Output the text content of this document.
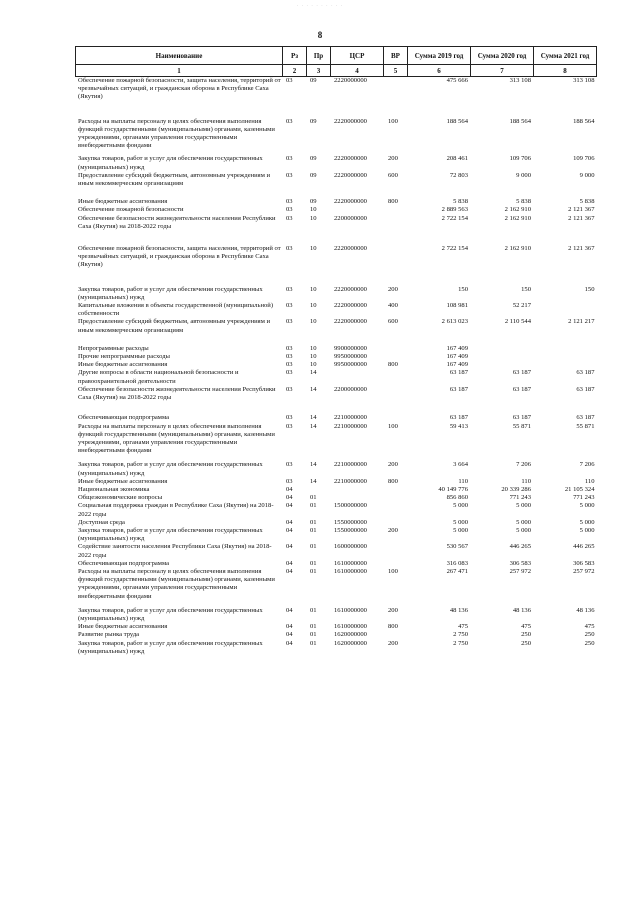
· · · · · · · · · ·
8
Наименование	Рз	Пр	ЦСР	ВР	Сумма 2019 год	Сумма 2020 год	Сумма 2021 год
1	2	3	4	5	6	7	8
Обеспечение пожарной безопасности, защита населения, территорий от чрезвычайных ситуаций, и гражданская оборона в Республике Саха (Якутия)	03	09	2220000000		475 666	313 108	313 108
Расходы на выплаты персоналу в целях обеспечения выполнения функций государственными (муниципальными) органами, казенными учреждениями, органами управления государственными внебюджетными фондами	03	09	2220000000	100	188 564	188 564	188 564
Закупка товаров, работ и услуг для обеспечения государственных (муниципальных) нужд	03	09	2220000000	200	208 461	109 706	109 706
Предоставление субсидий бюджетным, автономным учреждениям и иным некоммерческим организациям	03	09	2220000000	600	72 803	9 000	9 000
Иные бюджетные ассигнования	03	09	2220000000	800	5 838	5 838	5 838
Обеспечение пожарной безопасности	03	10			2 889 563	2 162 910	2 121 367
Обеспечение безопасности жизнедеятельности населения Республики Саха (Якутия) на 2018-2022 годы	03	10	2200000000		2 722 154	2 162 910	2 121 367
Обеспечение пожарной безопасности, защита населения, территорий от чрезвычайных ситуаций, и гражданская оборона в Республике Саха (Якутия)	03	10	2220000000		2 722 154	2 162 910	2 121 367
Закупка товаров, работ и услуг для обеспечения государственных (муниципальных) нужд	03	10	2220000000	200	150	150	150
Капитальные вложения в объекты государственной (муниципальной) собственности	03	10	2220000000	400	108 981	52 217	
Предоставление субсидий бюджетным, автономным учреждениям и иным некоммерческим организациям	03	10	2220000000	600	2 613 023	2 110 544	2 121 217
Непрограммные расходы	03	10	9900000000		167 409		
Прочие непрограммные расходы	03	10	9950000000		167 409		
Иные бюджетные ассигнования	03	10	9950000000	800	167 409		
Другие вопросы в области национальной безопасности и правоохранительной деятельности	03	14			63 187	63 187	63 187
Обеспечение безопасности жизнедеятельности населения Республики Саха (Якутия) на 2018-2022 годы	03	14	2200000000		63 187	63 187	63 187
Обеспечивающая подпрограмма	03	14	2210000000		63 187	63 187	63 187
Расходы на выплаты персоналу в целях обеспечения выполнения функций государственными (муниципальными) органами, казенными учреждениями, органами управления государственными внебюджетными фондами	03	14	2210000000	100	59 413	55 871	55 871
Закупка товаров, работ и услуг для обеспечения государственных (муниципальных) нужд	03	14	2210000000	200	3 664	7 206	7 206
Иные бюджетные ассигнования	03	14	2210000000	800	110	110	110
Национальная экономика	04				40 149 776	20 339 286	21 105 324
Общеэкономические вопросы	04	01			856 860	771 243	771 243
Социальная поддержка граждан в Республике Саха (Якутия) на 2018-2022 годы	04	01	1500000000		5 000	5 000	5 000
Доступная среда	04	01	1550000000		5 000	5 000	5 000
Закупка товаров, работ и услуг для обеспечения государственных (муниципальных) нужд	04	01	1550000000	200	5 000	5 000	5 000
Содействие занятости населения Республики Саха (Якутия) на 2018-2022 годы	04	01	1600000000		530 567	446 265	446 265
Обеспечивающая подпрограмма	04	01	1610000000		316 083	306 583	306 583
Расходы на выплаты персоналу в целях обеспечения выполнения функций государственными (муниципальными) органами, казенными учреждениями, органами управления государственными внебюджетными фондами	04	01	1610000000	100	267 471	257 972	257 972
Закупка товаров, работ и услуг для обеспечения государственных (муниципальных) нужд	04	01	1610000000	200	48 136	48 136	48 136
Иные бюджетные ассигнования	04	01	1610000000	800	475	475	475
Развитие рынка труда	04	01	1620000000		2 750	250	250
Закупка товаров, работ и услуг для обеспечения государственных (муниципальных) нужд	04	01	1620000000	200	2 750	250	250
